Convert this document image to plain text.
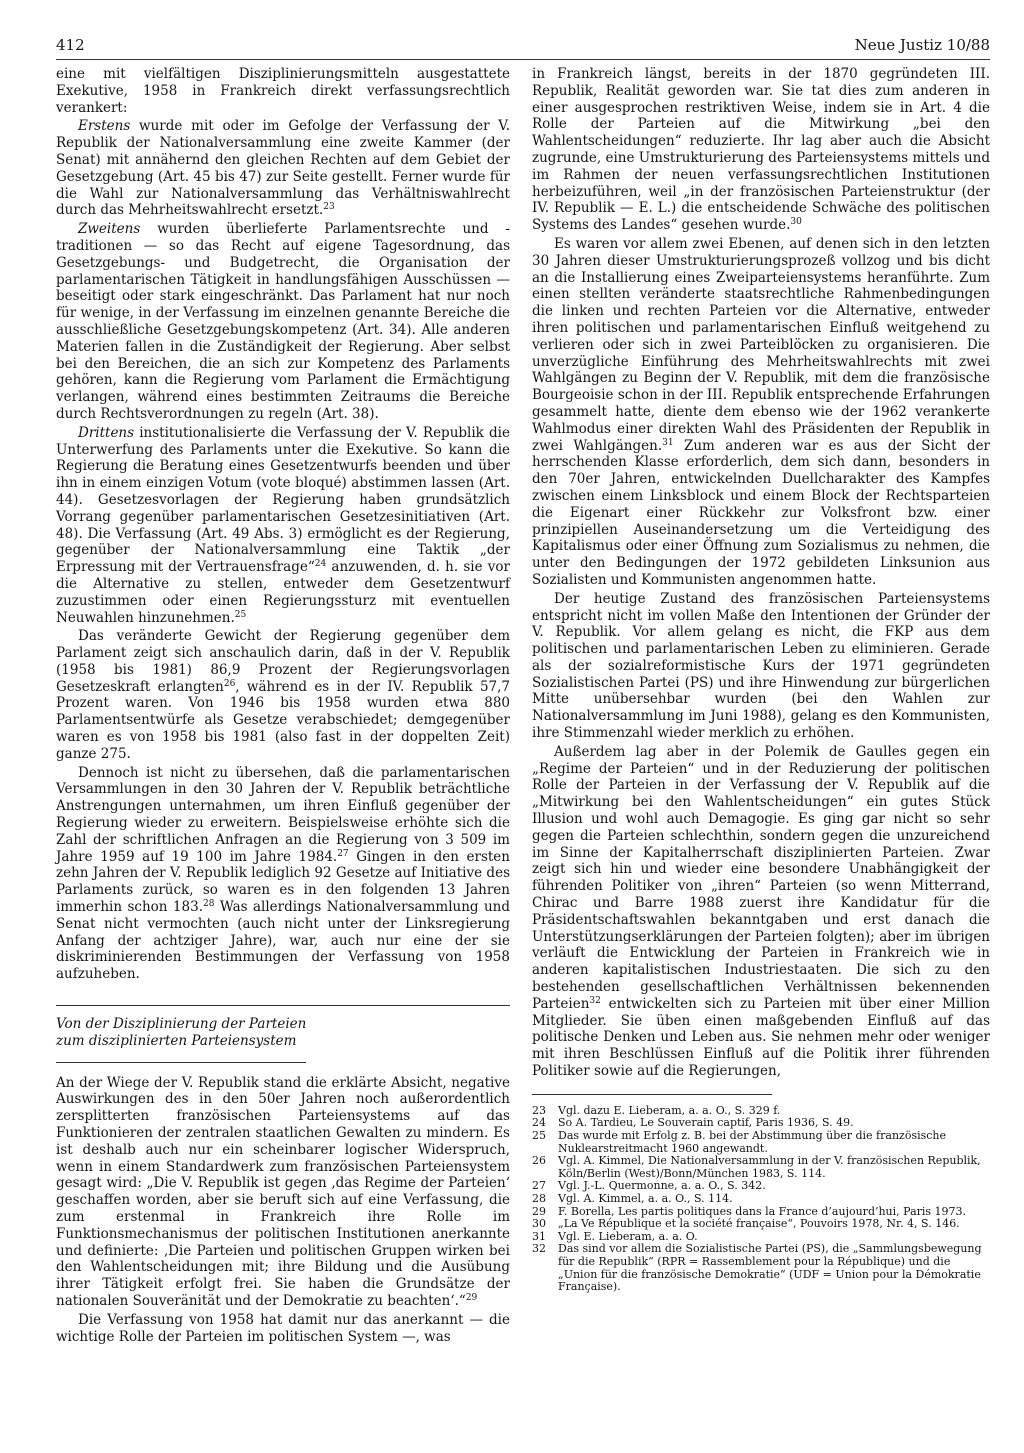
412	Neue Justiz 10/88

eine mit vielfältigen Disziplinierungsmitteln ausgestattete Exekutive, 1958 in Frankreich direkt verfassungsrechtlich verankert:

Erstens wurde mit oder im Gefolge der Verfassung der V. Republik der Nationalversammlung eine zweite Kammer (der Senat) mit annähernd den gleichen Rechten auf dem Gebiet der Gesetzgebung (Art. 45 bis 47) zur Seite gestellt. Ferner wurde für die Wahl zur Nationalversammlung das Verhältniswahlrecht durch das Mehrheitswahlrecht ersetzt.$^{23}$

Zweitens wurden überlieferte Parlamentsrechte und -traditionen — so das Recht auf eigene Tagesordnung, das Gesetzgebungs- und Budgetrecht, die Organisation der parlamentarischen Tätigkeit in handlungsfähigen Ausschüssen — beseitigt oder stark eingeschränkt. Das Parlament hat nur noch für wenige, in der Verfassung im einzelnen genannte Bereiche die ausschließliche Gesetzgebungskompetenz (Art. 34). Alle anderen Materien fallen in die Zuständigkeit der Regierung. Aber selbst bei den Bereichen, die an sich zur Kompetenz des Parlaments gehören, kann die Regierung vom Parlament die Ermächtigung verlangen, während eines bestimmten Zeitraums die Bereiche durch Rechtsverordnungen zu regeln (Art. 38).

Drittens institutionalisierte die Verfassung der V. Republik die Unterwerfung des Parlaments unter die Exekutive. So kann die Regierung die Beratung eines Gesetzentwurfs beenden und über ihn in einem einzigen Votum (vote bloqué) abstimmen lassen (Art. 44). Gesetzesvorlagen der Regierung haben grundsätzlich Vorrang gegenüber parlamentarischen Gesetzesinitiativen (Art. 48). Die Verfassung (Art. 49 Abs. 3) ermöglicht es der Regierung, gegenüber der Nationalversammlung eine Taktik „der Erpressung mit der Vertrauensfrage“$^{24}$ anzuwenden, d. h. sie vor die Alternative zu stellen, entweder dem Gesetzentwurf zuzustimmen oder einen Regierungssturz mit eventuellen Neuwahlen hinzunehmen.$^{25}$

Das veränderte Gewicht der Regierung gegenüber dem Parlament zeigt sich anschaulich darin, daß in der V. Republik (1958 bis 1981) 86,9 Prozent der Regierungsvorlagen Gesetzeskraft erlangten$^{26}$, während es in der IV. Republik 57,7 Prozent waren. Von 1946 bis 1958 wurden etwa 880 Parlamentsentwürfe als Gesetze verabschiedet; demgegenüber waren es von 1958 bis 1981 (also fast in der doppelten Zeit) ganze 275.

Dennoch ist nicht zu übersehen, daß die parlamentarischen Versammlungen in den 30 Jahren der V. Republik beträchtliche Anstrengungen unternahmen, um ihren Einfluß gegenüber der Regierung wieder zu erweitern. Beispielsweise erhöhte sich die Zahl der schriftlichen Anfragen an die Regierung von 3 509 im Jahre 1959 auf 19 100 im Jahre 1984.27 Gingen in den ersten zehn Jahren der V. Republik lediglich 92 Gesetze auf Initiative des Parlaments zurück, so waren es in den folgenden 13 Jahren immerhin schon 183.28 Was allerdings Nationalversammlung und Senat nicht vermochten (auch nicht unter der Linksregierung Anfang der achtziger Jahre), war, auch nur eine der sie diskriminierenden Bestimmungen der Verfassung von 1958 aufzuheben.

Von der Disziplinierung der Parteien
zum disziplinierten Parteiensystem

An der Wiege der V. Republik stand die erklärte Absicht, negative Auswirkungen des in den 50er Jahren noch außerordentlich zersplitterten französischen Parteiensystems auf das Funktionieren der zentralen staatlichen Gewalten zu mindern. Es ist deshalb auch nur ein scheinbarer logischer Widerspruch, wenn in einem Standardwerk zum französischen Parteiensystem gesagt wird: „Die V. Republik ist gegen ‚das Regime der Parteien‘ geschaffen worden, aber sie beruft sich auf eine Verfassung, die zum erstenmal in Frankreich ihre Rolle im Funktionsmechanismus der politischen Institutionen anerkannte und definierte: ‚Die Parteien und politischen Gruppen wirken bei den Wahlentscheidungen mit; ihre Bildung und die Ausübung ihrer Tätigkeit erfolgt frei. Sie haben die Grundsätze der nationalen Souveränität und der Demokratie zu beachten‘.“$^{29}$

Die Verfassung von 1958 hat damit nur das anerkannt — die wichtige Rolle der Parteien im politischen System —, was

in Frankreich längst, bereits in der 1870 gegründeten III. Republik, Realität geworden war. Sie tat dies zum anderen in einer ausgesprochen restriktiven Weise, indem sie in Art. 4 die Rolle der Parteien auf die Mitwirkung „bei den Wahlentscheidungen“ reduzierte. Ihr lag aber auch die Absicht zugrunde, eine Umstrukturierung des Parteiensystems mittels und im Rahmen der neuen verfassungsrechtlichen Institutionen herbeizuführen, weil „in der französischen Parteienstruktur (der IV. Republik — E. L.) die entscheidende Schwäche des politischen Systems des Landes“ gesehen wurde.$^{30}$

Es waren vor allem zwei Ebenen, auf denen sich in den letzten 30 Jahren dieser Umstrukturierungsprozeß vollzog und bis dicht an die Installierung eines Zweiparteiensystems heranführte. Zum einen stellten veränderte staatsrechtliche Rahmenbedingungen die linken und rechten Parteien vor die Alternative, entweder ihren politischen und parlamentarischen Einfluß weitgehend zu verlieren oder sich in zwei Parteiblöcken zu organisieren. Die unverzügliche Einführung des Mehrheitswahlrechts mit zwei Wahlgängen zu Beginn der V. Republik, mit dem die französische Bourgeoisie schon in der III. Republik entsprechende Erfahrungen gesammelt hatte, diente dem ebenso wie der 1962 verankerte Wahlmodus einer direkten Wahl des Präsidenten der Republik in zwei Wahlgängen.$^{31}$ Zum anderen war es aus der Sicht der herrschenden Klasse erforderlich, dem sich dann, besonders in den 70er Jahren, entwickelnden Duellcharakter des Kampfes zwischen einem Linksblock und einem Block der Rechtsparteien die Eigenart einer Rückkehr zur Volksfront bzw. einer prinzipiellen Auseinandersetzung um die Verteidigung des Kapitalismus oder einer Öffnung zum Sozialismus zu nehmen, die unter den Bedingungen der 1972 gebildeten Linksunion aus Sozialisten und Kommunisten angenommen hatte.

Der heutige Zustand des französischen Parteiensystems entspricht nicht im vollen Maße den Intentionen der Gründer der V. Republik. Vor allem gelang es nicht, die FKP aus dem politischen und parlamentarischen Leben zu eliminieren. Gerade als der sozialreformistische Kurs der 1971 gegründeten Sozialistischen Partei (PS) und ihre Hinwendung zur bürgerlichen Mitte unübersehbar wurden (bei den Wahlen zur Nationalversammlung im Juni 1988), gelang es den Kommunisten, ihre Stimmenzahl wieder merklich zu erhöhen.

Außerdem lag aber in der Polemik de Gaulles gegen ein „Regime der Parteien“ und in der Reduzierung der politischen Rolle der Parteien in der Verfassung der V. Republik auf die „Mitwirkung bei den Wahlentscheidungen“ ein gutes Stück Illusion und wohl auch Demagogie. Es ging gar nicht so sehr gegen die Parteien schlechthin, sondern gegen die unzureichend im Sinne der Kapitalherrschaft disziplinierten Parteien. Zwar zeigt sich hin und wieder eine besondere Unabhängigkeit der führenden Politiker von „ihren“ Parteien (so wenn Mitterrand, Chirac und Barre 1988 zuerst ihre Kandidatur für die Präsidentschaftswahlen bekanntgaben und erst danach die Unterstützungserklärungen der Parteien folgten); aber im übrigen verläuft die Entwicklung der Parteien in Frankreich wie in anderen kapitalistischen Industriestaaten. Die sich zu den bestehenden gesellschaftlichen Verhältnissen bekennenden Parteien$^{32}$ entwickelten sich zu Parteien mit über einer Million Mitglieder. Sie üben einen maßgebenden Einfluß auf das politische Denken und Leben aus. Sie nehmen mehr oder weniger mit ihren Beschlüssen Einfluß auf die Politik ihrer führenden Politiker sowie auf die Regierungen,

23	Vgl. dazu E. Lieberam, a. a. O., S. 329 f.
24	So A. Tardieu, Le Souverain captif, Paris 1936, S. 49.
25	Das wurde mit Erfolg z. B. bei der Abstimmung über die französische Nuklearstreitmacht 1960 angewandt.
26	Vgl. A. Kimmel, Die Nationalversammlung in der V. französischen Republik, Köln/Berlin (West)/Bonn/München 1983, S. 114.
27	Vgl. J.-L. Quermonne, a. a. O., S. 342.
28	Vgl. A. Kimmel, a. a. O., S. 114.
29	F. Borella, Les partis politiques dans la France d’aujourd’hui, Paris 1973.
30	„La Ve République et la société française“, Pouvoirs 1978, Nr. 4, S. 146.
31	Vgl. E. Lieberam, a. a. O.
32	Das sind vor allem die Sozialistische Partei (PS), die „Sammlungsbewegung für die Republik“ (RPR = Rassemblement pour la République) und die „Union für die französische Demokratie“ (UDF = Union pour la Démokratie Française).
